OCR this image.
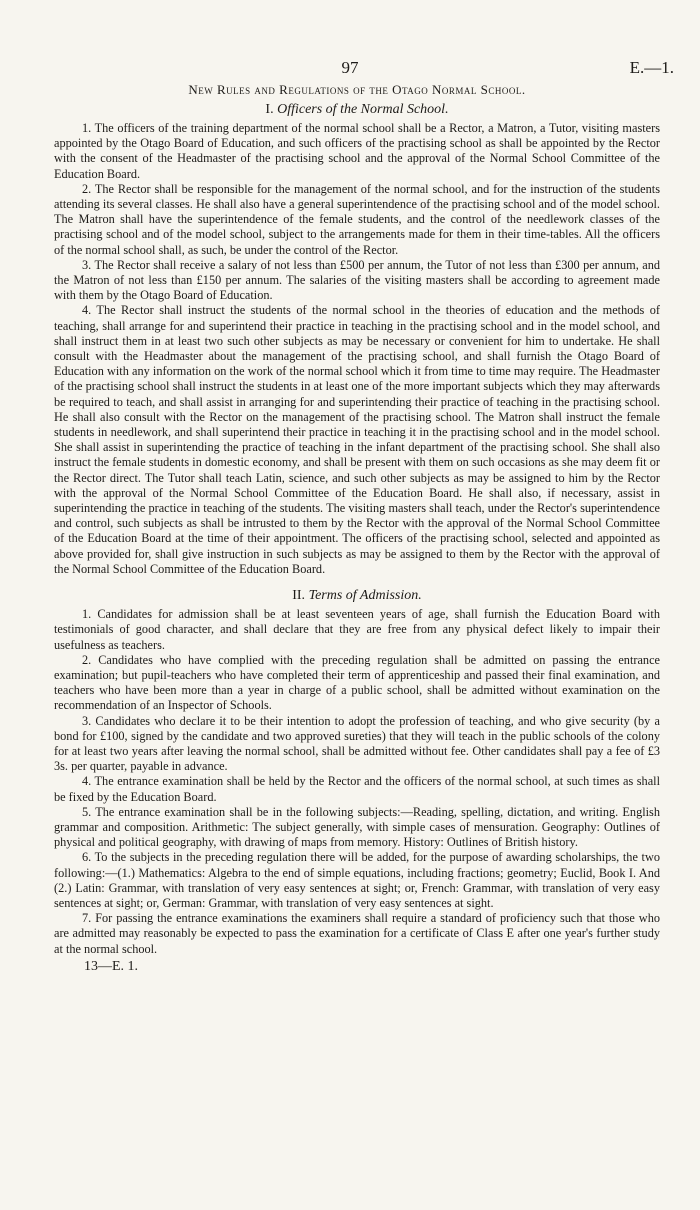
97	E.—1.
New Rules and Regulations of the Otago Normal School.
I. Officers of the Normal School.

1. The officers of the training department of the normal school shall be a Rector, a Matron, a Tutor, visiting masters appointed by the Otago Board of Education, and such officers of the practising school as shall be appointed by the Rector with the consent of the Headmaster of the practising school and the approval of the Normal School Committee of the Education Board.

2. The Rector shall be responsible for the management of the normal school, and for the instruction of the students attending its several classes. He shall also have a general superintendence of the practising school and of the model school. The Matron shall have the superintendence of the female students, and the control of the needlework classes of the practising school and of the model school, subject to the arrangements made for them in their time-tables. All the officers of the normal school shall, as such, be under the control of the Rector.

3. The Rector shall receive a salary of not less than £500 per annum, the Tutor of not less than £300 per annum, and the Matron of not less than £150 per annum. The salaries of the visiting masters shall be according to agreement made with them by the Otago Board of Education.

4. The Rector shall instruct the students of the normal school in the theories of education and the methods of teaching, shall arrange for and superintend their practice in teaching in the practising school and in the model school, and shall instruct them in at least two such other subjects as may be necessary or convenient for him to undertake. He shall consult with the Headmaster about the management of the practising school, and shall furnish the Otago Board of Education with any information on the work of the normal school which it from time to time may require. The Headmaster of the practising school shall instruct the students in at least one of the more important subjects which they may afterwards be required to teach, and shall assist in arranging for and superintending their practice of teaching in the practising school. He shall also consult with the Rector on the management of the practising school. The Matron shall instruct the female students in needlework, and shall superintend their practice in teaching it in the practising school and in the model school. She shall assist in superintending the practice of teaching in the infant department of the practising school. She shall also instruct the female students in domestic economy, and shall be present with them on such occasions as she may deem fit or the Rector direct. The Tutor shall teach Latin, science, and such other subjects as may be assigned to him by the Rector with the approval of the Normal School Committee of the Education Board. He shall also, if necessary, assist in superintending the practice in teaching of the students. The visiting masters shall teach, under the Rector's superintendence and control, such subjects as shall be intrusted to them by the Rector with the approval of the Normal School Committee of the Education Board at the time of their appointment. The officers of the practising school, selected and appointed as above provided for, shall give instruction in such subjects as may be assigned to them by the Rector with the approval of the Normal School Committee of the Education Board.

II. Terms of Admission.

1. Candidates for admission shall be at least seventeen years of age, shall furnish the Education Board with testimonials of good character, and shall declare that they are free from any physical defect likely to impair their usefulness as teachers.

2. Candidates who have complied with the preceding regulation shall be admitted on passing the entrance examination; but pupil-teachers who have completed their term of apprenticeship and passed their final examination, and teachers who have been more than a year in charge of a public school, shall be admitted without examination on the recommendation of an Inspector of Schools.

3. Candidates who declare it to be their intention to adopt the profession of teaching, and who give security (by a bond for £100, signed by the candidate and two approved sureties) that they will teach in the public schools of the colony for at least two years after leaving the normal school, shall be admitted without fee. Other candidates shall pay a fee of £3 3s. per quarter, payable in advance.

4. The entrance examination shall be held by the Rector and the officers of the normal school, at such times as shall be fixed by the Education Board.

5. The entrance examination shall be in the following subjects:—Reading, spelling, dictation, and writing. English grammar and composition. Arithmetic: The subject generally, with simple cases of mensuration. Geography: Outlines of physical and political geography, with drawing of maps from memory. History: Outlines of British history.

6. To the subjects in the preceding regulation there will be added, for the purpose of awarding scholarships, the two following:—(1.) Mathematics: Algebra to the end of simple equations, including fractions; geometry; Euclid, Book I. And (2.) Latin: Grammar, with translation of very easy sentences at sight; or, French: Grammar, with translation of very easy sentences at sight; or, German: Grammar, with translation of very easy sentences at sight.

7. For passing the entrance examinations the examiners shall require a standard of proficiency such that those who are admitted may reasonably be expected to pass the examination for a certificate of Class E after one year's further study at the normal school.

13—E. 1.
